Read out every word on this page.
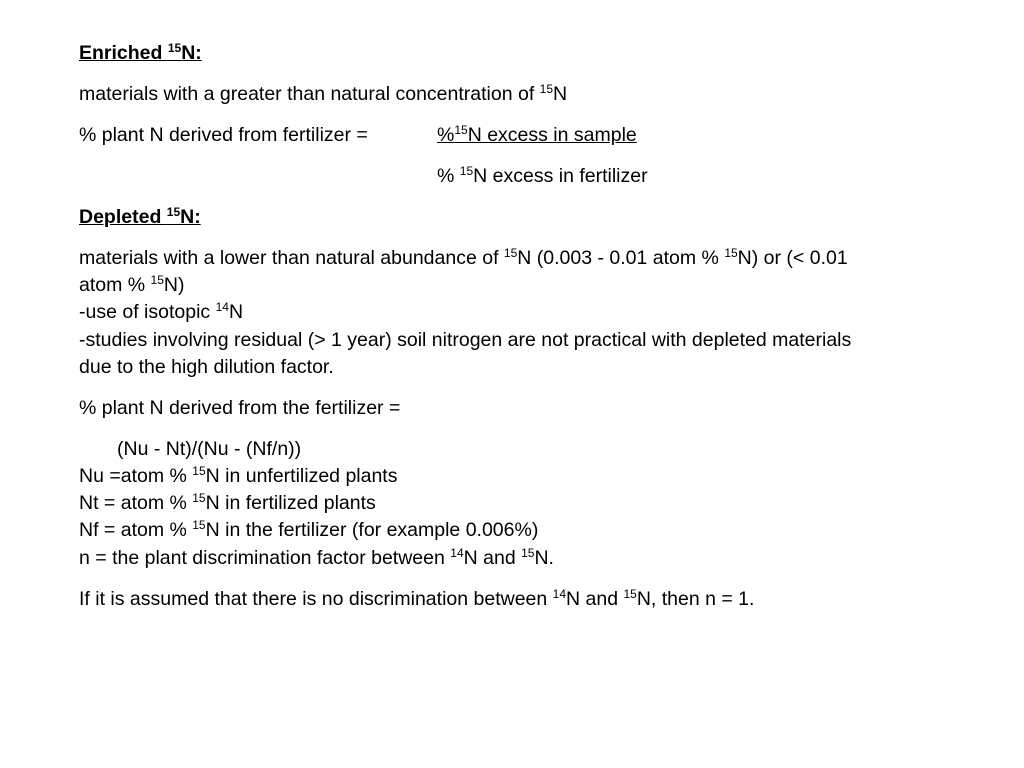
Enriched $^{15}$N:
materials with a greater than natural concentration of $^{15}$N
% plant N derived from fertilizer =	%$^{15}$N excess in sample
% $^{15}$N excess in fertilizer
Depleted $^{15}$N:
materials with a lower than natural abundance of $^{15}$N (0.003 - 0.01 atom % $^{15}$N) or (< 0.01
atom % $^{15}$N)
-use of isotopic $^{14}$N
-studies involving residual (> 1 year) soil nitrogen are not practical with depleted materials
due to the high dilution factor.
% plant N derived from the fertilizer =
(Nu - Nt)/(Nu - (Nf/n))
Nu =atom % $^{15}$N in unfertilized plants
Nt = atom % $^{15}$N in fertilized plants
Nf = atom % $^{15}$N in the fertilizer (for example 0.006%)
n = the plant discrimination factor between $^{14}$N and $^{15}$N.
If it is assumed that there is no discrimination between $^{14}$N and $^{15}$N, then n = 1.
